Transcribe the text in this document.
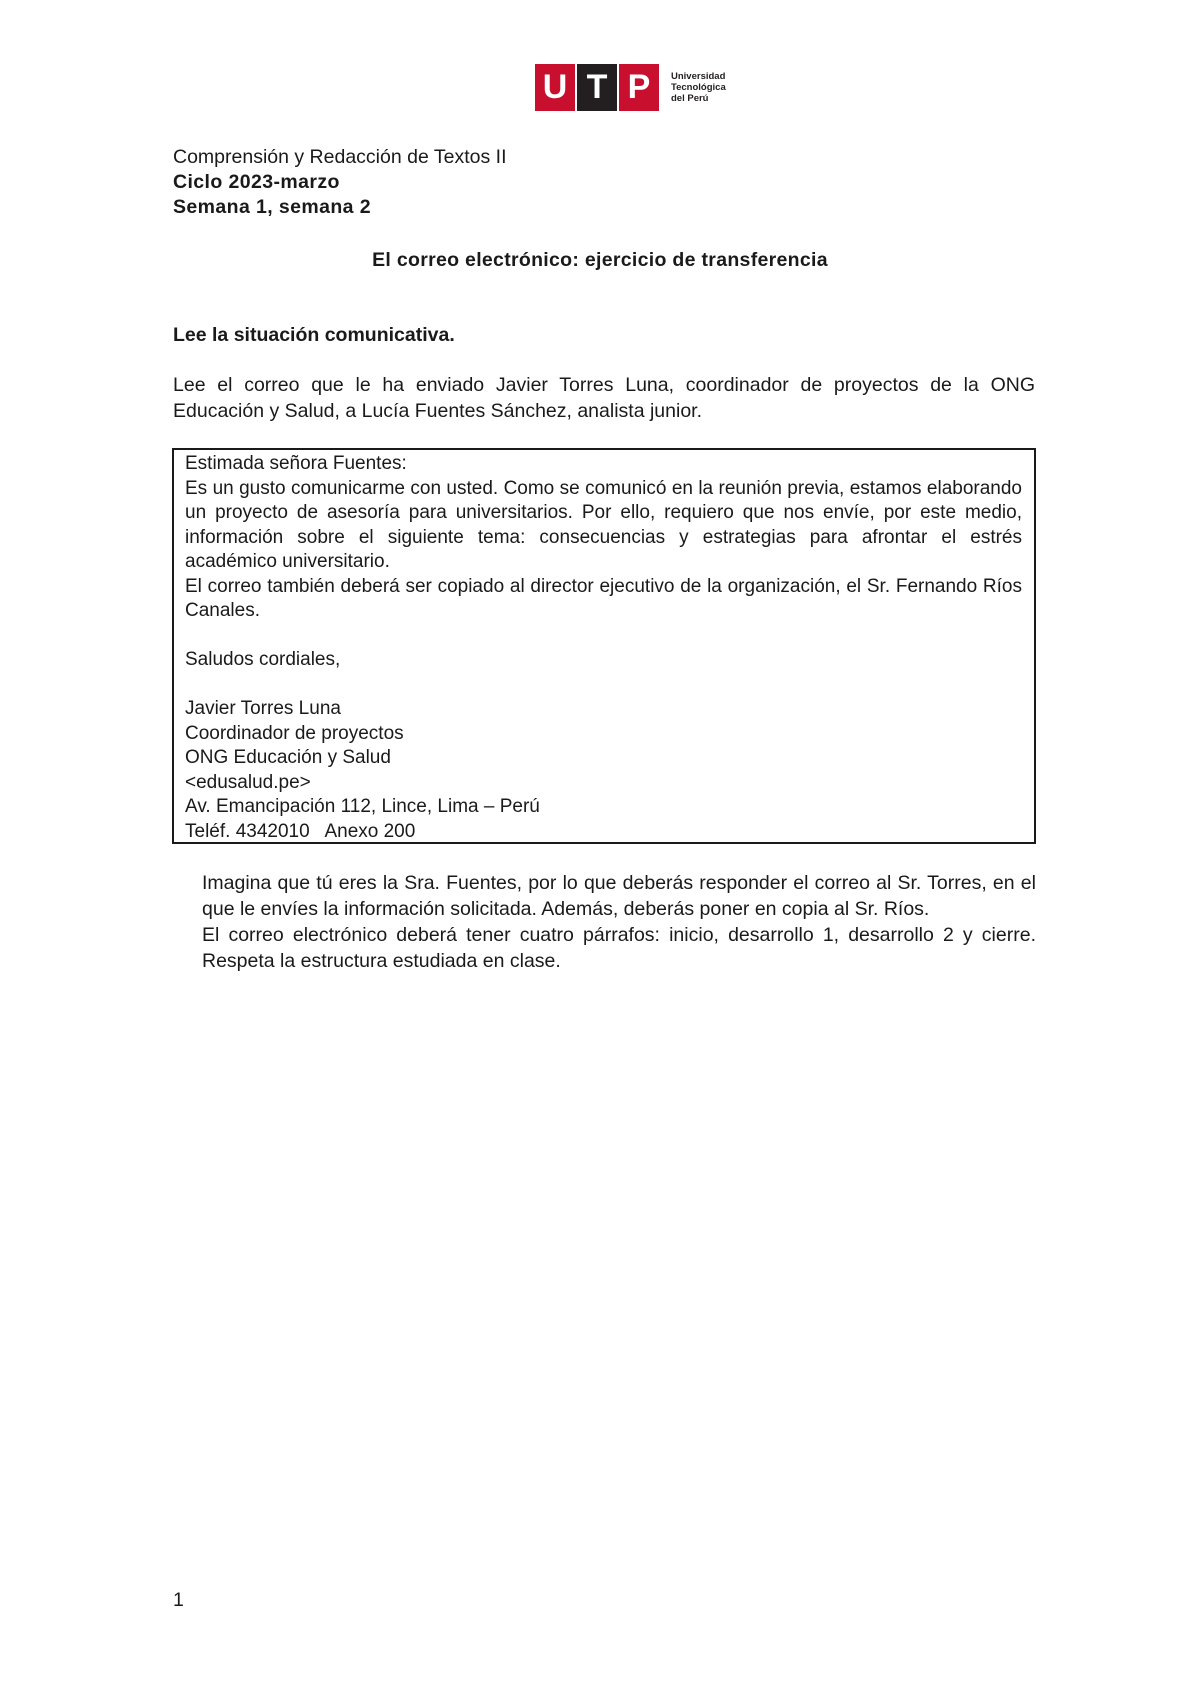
U T P	Universidad
Tecnológica
del Perú
Comprensión y Redacción de Textos II
Ciclo 2023-marzo
Semana 1, semana 2
El correo electrónico: ejercicio de transferencia
Lee la situación comunicativa.

Lee el correo que le ha enviado Javier Torres Luna, coordinador de proyectos de la ONG Educación y Salud, a Lucía Fuentes Sánchez, analista junior.

Estimada señora Fuentes:

Es un gusto comunicarme con usted. Como se comunicó en la reunión previa, estamos elaborando un proyecto de asesoría para universitarios. Por ello, requiero que nos envíe, por este medio, información sobre el siguiente tema: consecuencias y estrategias para afrontar el estrés académico universitario.

El correo también deberá ser copiado al director ejecutivo de la organización, el Sr. Fernando Ríos Canales.

Saludos cordiales,

Javier Torres Luna

Coordinador de proyectos

ONG Educación y Salud

<edusalud.pe>

Av. Emancipación 112, Lince, Lima – Perú

Teléf. 4342010   Anexo 200

Imagina que tú eres la Sra. Fuentes, por lo que deberás responder el correo al Sr. Torres, en el que le envíes la información solicitada. Además, deberás poner en copia al Sr. Ríos.

El correo electrónico deberá tener cuatro párrafos: inicio, desarrollo 1, desarrollo 2 y cierre. Respeta la estructura estudiada en clase.

1
